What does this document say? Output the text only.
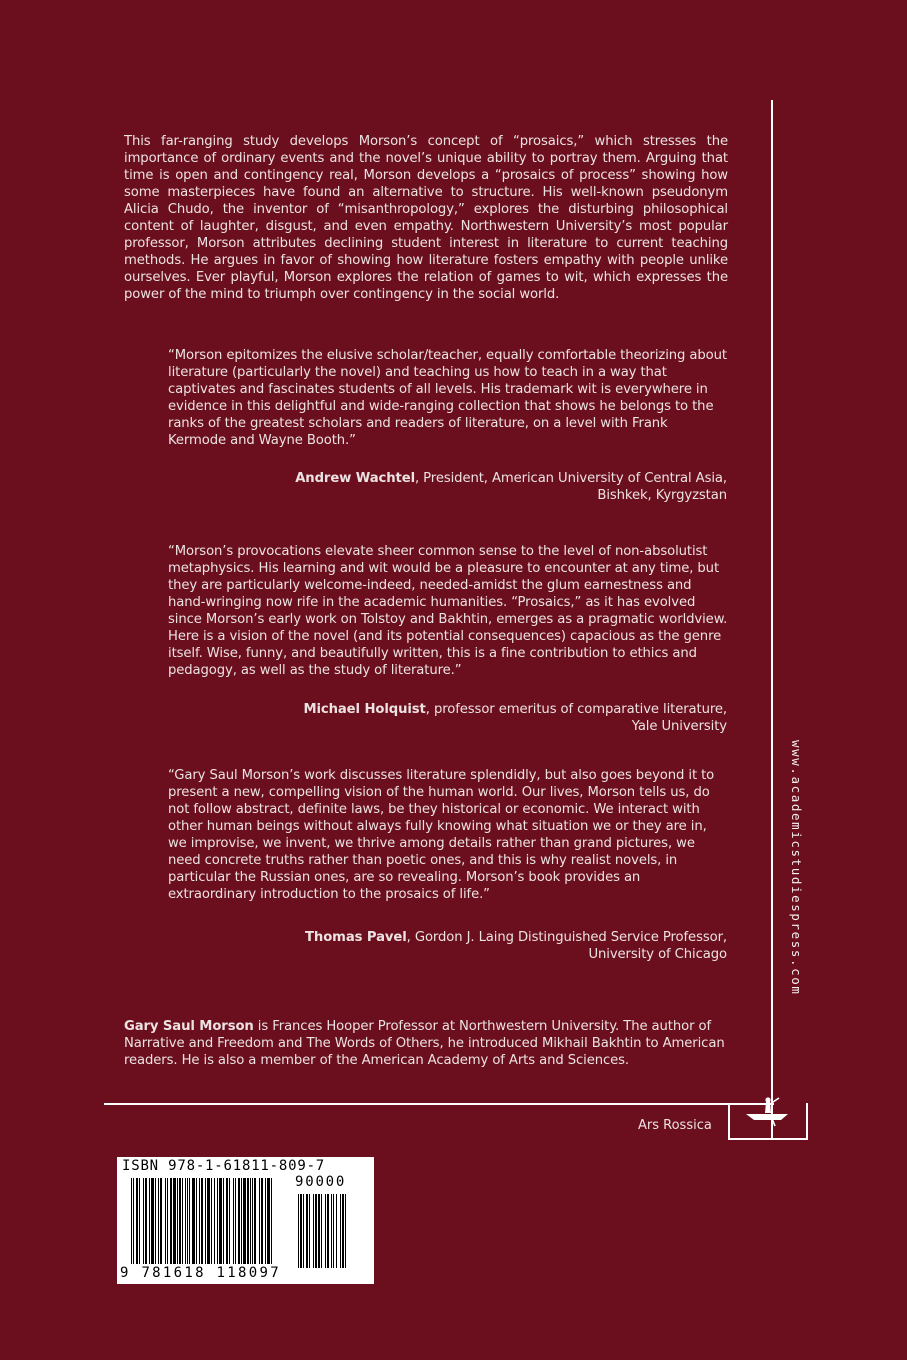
This far-ranging study develops Morson’s concept of “prosaics,” which stresses the importance of ordinary events and the novel’s unique ability to portray them. Arguing that time is open and contingency real, Morson develops a “prosaics of process” showing how some masterpieces have found an alternative to structure. His well-known pseudonym Alicia Chudo, the inventor of “misanthropology,” explores the disturbing philosophical content of laughter, disgust, and even empathy. Northwestern University’s most popular professor, Morson attributes declining student interest in literature to current teaching methods. He argues in favor of showing how literature fosters empathy with people unlike ourselves. Ever playful, Morson explores the relation of games to wit, which expresses the power of the mind to triumph over contingency in the social world.
“Morson epitomizes the elusive scholar/teacher, equally comfortable theorizing about literature (particularly the novel) and teaching us how to teach in a way that captivates and fascinates students of all levels. His trademark wit is everywhere in evidence in this delightful and wide-ranging collection that shows he belongs to the ranks of the greatest scholars and readers of literature, on a level with Frank Kermode and Wayne Booth.”
Andrew Wachtel, President, American University of Central Asia,
Bishkek, Kyrgyzstan
“Morson’s provocations elevate sheer common sense to the level of non-absolutist metaphysics. His learning and wit would be a pleasure to encounter at any time, but they are particularly welcome-indeed, needed-amidst the glum earnestness and hand-wringing now rife in the academic humanities. “Prosaics,” as it has evolved since Morson’s early work on Tolstoy and Bakhtin, emerges as a pragmatic worldview. Here is a vision of the novel (and its potential consequences) capacious as the genre itself. Wise, funny, and beautifully written, this is a fine contribution to ethics and pedagogy, as well as the study of literature.”
Michael Holquist, professor emeritus of comparative literature,
Yale University
“Gary Saul Morson’s work discusses literature splendidly, but also goes beyond it to present a new, compelling vision of the human world. Our lives, Morson tells us, do not follow abstract, definite laws, be they historical or economic. We interact with other human beings without always fully knowing what situation we or they are in, we improvise, we invent, we thrive among details rather than grand pictures, we need concrete truths rather than poetic ones, and this is why realist novels, in particular the Russian ones, are so revealing. Morson’s book provides an extraordinary introduction to the prosaics of life.”
Thomas Pavel, Gordon J. Laing Distinguished Service Professor,
University of Chicago
Gary Saul Morson is Frances Hooper Professor at Northwestern University. The author of Narrative and Freedom and The Words of Others, he introduced Mikhail Bakhtin to American readers. He is also a member of the American Academy of Arts and Sciences.
www.academicstudiespress.com
Ars Rossica
ISBN 978-1-61811-809-7
90000
9 781618 118097
